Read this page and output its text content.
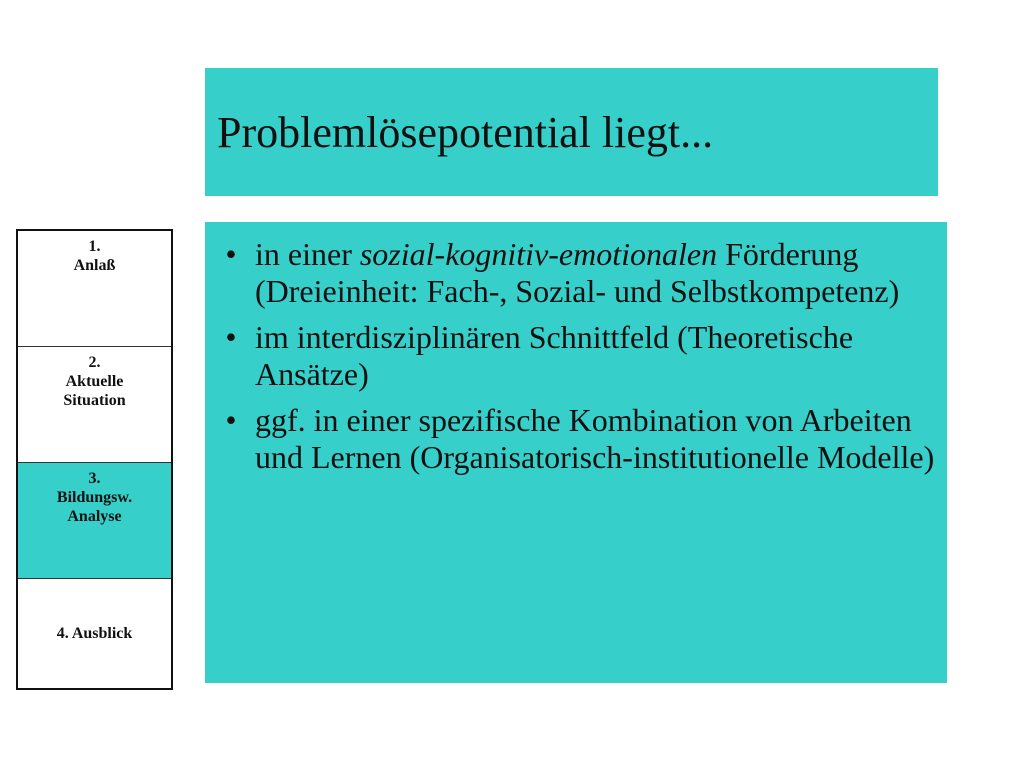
Problemlösepotential liegt...
1.
Anlaß
2.
Aktuelle
Situation
3.
Bildungsw.
Analyse
4. Ausblick
• in einer sozial-kognitiv-emotionalen Förderung (Dreieinheit: Fach-, Sozial- und Selbstkompetenz)
• im interdisziplinären Schnittfeld (Theoretische Ansätze)
• ggf. in einer spezifische Kombination von Arbeiten und Lernen (Organisatorisch-institutionelle Modelle)
